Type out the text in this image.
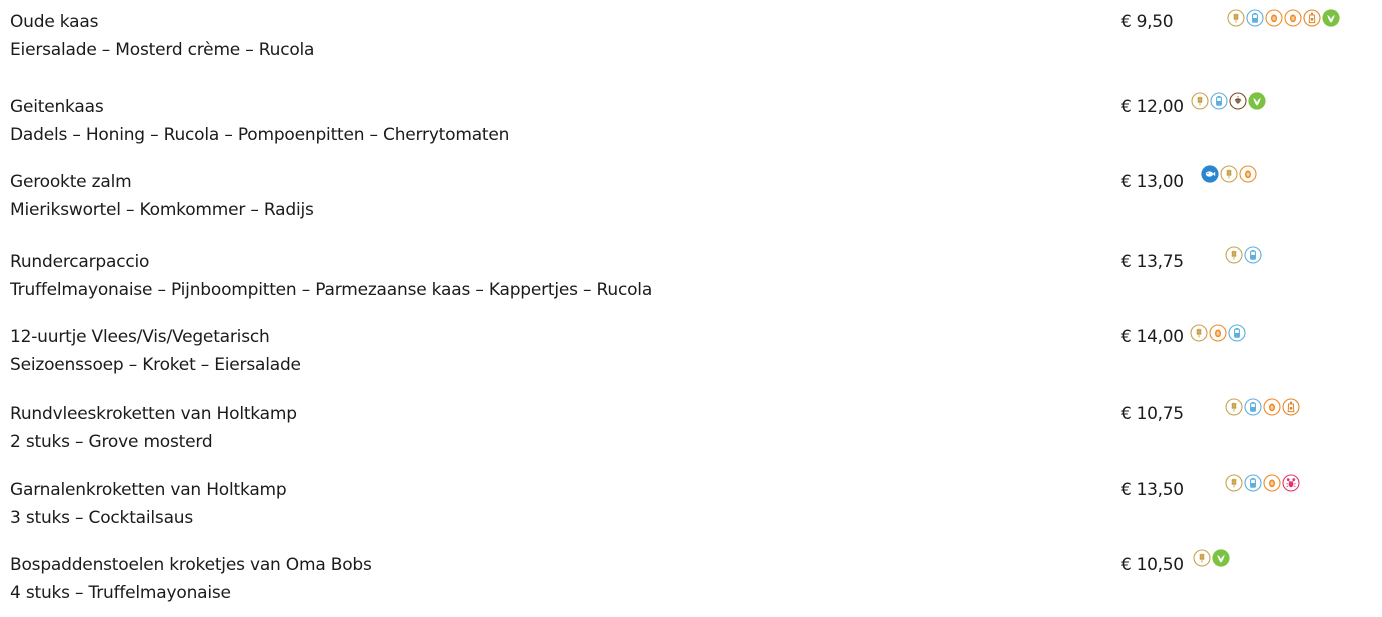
Oude kaas
Eiersalade – Mosterd crème – Rucola
€ 9,50
Geitenkaas
Dadels – Honing – Rucola – Pompoenpitten – Cherrytomaten
€ 12,00
Gerookte zalm
Mierikswortel – Komkommer – Radijs
€ 13,00
Rundercarpaccio
Truffelmayonaise – Pijnboompitten – Parmezaanse kaas – Kappertjes – Rucola
€ 13,75
12-uurtje Vlees/Vis/Vegetarisch
Seizoenssoep – Kroket – Eiersalade
€ 14,00
Rundvleeskroketten van Holtkamp
2 stuks – Grove mosterd
€ 10,75
Garnalenkroketten van Holtkamp
3 stuks – Cocktailsaus
€ 13,50
Bospaddenstoelen kroketjes van Oma Bobs
4 stuks – Truffelmayonaise
€ 10,50
